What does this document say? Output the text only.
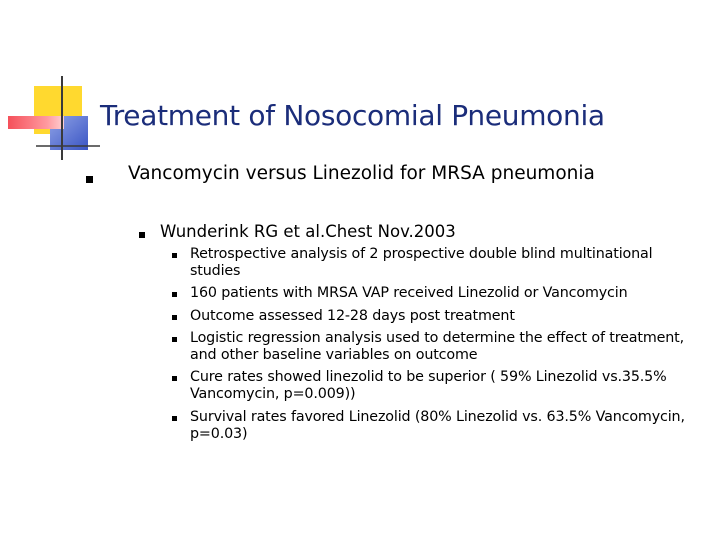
Treatment of Nosocomial Pneumonia
Vancomycin versus Linezolid for MRSA pneumonia
Wunderink RG et al.Chest Nov.2003
Retrospective analysis of 2 prospective double blind multinational studies
160 patients with MRSA VAP received Linezolid or Vancomycin
Outcome assessed 12-28 days post treatment
Logistic regression analysis used to determine the effect of treatment, and other baseline variables on outcome
Cure rates showed linezolid to be superior ( 59% Linezolid vs.35.5% Vancomycin, p=0.009))
Survival rates favored Linezolid (80% Linezolid vs. 63.5% Vancomycin, p=0.03)
